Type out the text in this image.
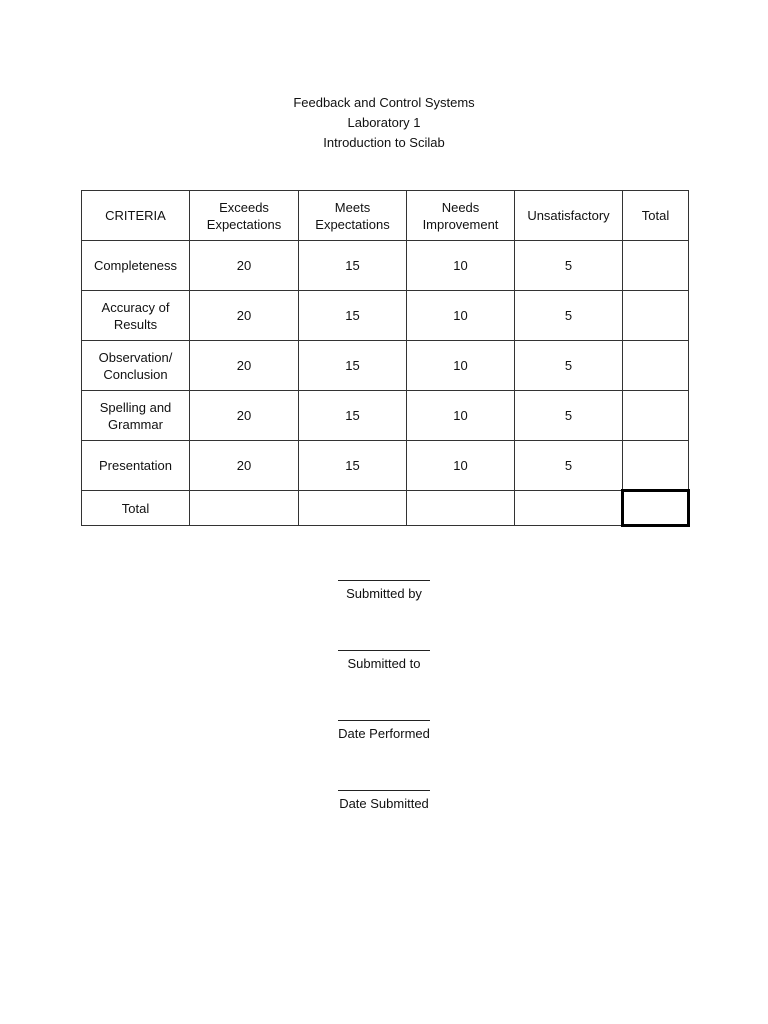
Feedback and Control Systems
Laboratory 1
Introduction to Scilab
CRITERIA	Exceeds Expectations	Meets Expectations	Needs Improvement	Unsatisfactory	Total
Completeness	20	15	10	5	
Accuracy of Results	20	15	10	5	
Observation/ Conclusion	20	15	10	5	
Spelling and Grammar	20	15	10	5	
Presentation	20	15	10	5	
Total					
Submitted by
Submitted to
Date Performed
Date Submitted
